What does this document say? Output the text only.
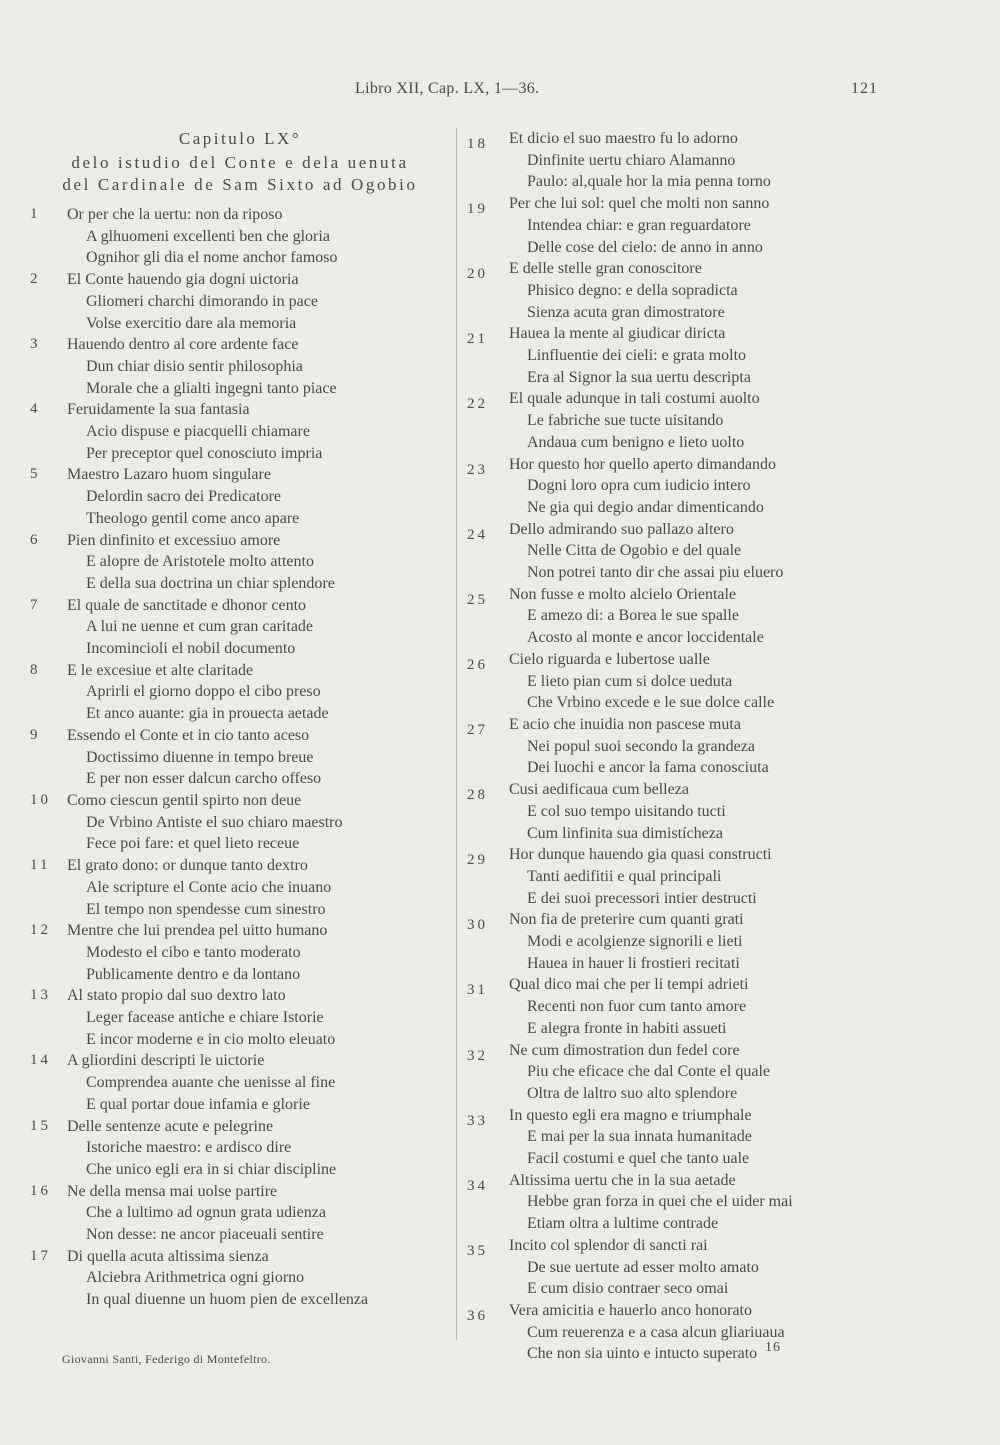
Libro XII, Cap. LX, 1—36.	121
Capitulo LX°
delo istudio del Conte e dela uenuta
del Cardinale de Sam Sixto ad Ogobio
1	Or per che la uertu: non da riposo
A glhuomeni excellenti ben che gloria
Ognihor gli dia el nome anchor famoso
2	El Conte hauendo gia dogni uictoria
Gliomeri charchi dimorando in pace
Volse exercitio dare ala memoria
3	Hauendo dentro al core ardente face
Dun chiar disio sentir philosophia
Morale che a glialti ingegni tanto piace
4	Feruidamente la sua fantasia
Acio dispuse e piacquelli chiamare
Per preceptor quel conosciuto impria
5	Maestro Lazaro huom singulare
Delordin sacro dei Predicatore
Theologo gentil come anco apare
6	Pien dinfinito et excessiuo amore
E alopre de Aristotele molto attento
E della sua doctrina un chiar splendore
7	El quale de sanctitade e dhonor cento
A lui ne uenne et cum gran caritade
Incomincioli el nobil documento
8	E le excesiue et alte claritade
Aprirli el giorno doppo el cibo preso
Et anco auante: gia in prouecta aetade
9	Essendo el Conte et in cio tanto aceso
Doctissimo diuenne in tempo breue
E per non esser dalcun carcho offeso
10	Como ciescun gentil spirto non deue
De Vrbino Antiste el suo chiaro maestro
Fece poi fare: et quel lieto receue
11	El grato dono: or dunque tanto dextro
Ale scripture el Conte acio che inuano
El tempo non spendesse cum sinestro
12	Mentre che lui prendea pel uitto humano
Modesto el cibo e tanto moderato
Publicamente dentro e da lontano
13	Al stato propio dal suo dextro lato
Leger facease antiche e chiare Istorie
E incor moderne e in cio molto eleuato
14	A gliordini descripti le uictorie
Comprendea auante che uenisse al fine
E qual portar doue infamia e glorie
15	Delle sentenze acute e pelegrine
Istoriche maestro: e ardisco dire
Che unico egli era in si chiar discipline
16	Ne della mensa mai uolse partire
Che a lultimo ad ognun grata udienza
Non desse: ne ancor piaceuali sentire
17	Di quella acuta altissima sienza
Alciebra Arithmetrica ogni giorno
In qual diuenne un huom pien de excellenza
18	Et dicio el suo maestro fu lo adorno
Dinfinite uertu chiaro Alamanno
Paulo: al,quale hor la mia penna torno
19	Per che lui sol: quel che molti non sanno
Intendea chiar: e gran reguardatore
Delle cose del cielo: de anno in anno
20	E delle stelle gran conoscitore
Phisico degno: e della sopradicta
Sienza acuta gran dimostratore
21	Hauea la mente al giudicar diricta
Linfluentie dei cieli: e grata molto
Era al Signor la sua uertu descripta
22	El quale adunque in tali costumi auolto
Le fabriche sue tucte uisitando
Andaua cum benigno e lieto uolto
23	Hor questo hor quello aperto dimandando
Dogni loro opra cum iudicio intero
Ne gia qui degio andar dimenticando
24	Dello admirando suo pallazo altero
Nelle Citta de Ogobio e del quale
Non potrei tanto dir che assai piu eluero
25	Non fusse e molto alcielo Orientale
E amezo di: a Borea le sue spalle
Acosto al monte e ancor loccidentale
26	Cielo riguarda e lubertose ualle
E lieto pian cum si dolce ueduta
Che Vrbino excede e le sue dolce calle
27	E acio che inuidia non pascese muta
Nei popul suoi secondo la grandeza
Dei luochi e ancor la fama conosciuta
28	Cusi aedificaua cum belleza
E col suo tempo uisitando tucti
Cum linfinita sua dimistícheza
29	Hor dunque hauendo gia quasi constructi
Tanti aedifitii e qual principali
E dei suoi precessori intier destructi
30	Non fia de preterire cum quanti grati
Modi e acolgienze signorili e lieti
Hauea in hauer li frostieri recitati
31	Qual dico mai che per li tempi adrieti
Recenti non fuor cum tanto amore
E alegra fronte in habiti assueti
32	Ne cum dimostration dun fedel core
Piu che eficace che dal Conte el quale
Oltra de laltro suo alto splendore
33	In questo egli era magno e triumphale
E mai per la sua innata humanitade
Facil costumi e quel che tanto uale
34	Altissima uertu che in la sua aetade
Hebbe gran forza in quei che el uider mai
Etiam oltra a lultime contrade
35	Incito col splendor di sancti rai
De sue uertute ad esser molto amato
E cum disio contraer seco omai
36	Vera amicitia e hauerlo anco honorato
Cum reuerenza e a casa alcun gliariuaua
Che non sia uinto e intucto superato
Giovanni Santi, Federigo di Montefeltro.
16
